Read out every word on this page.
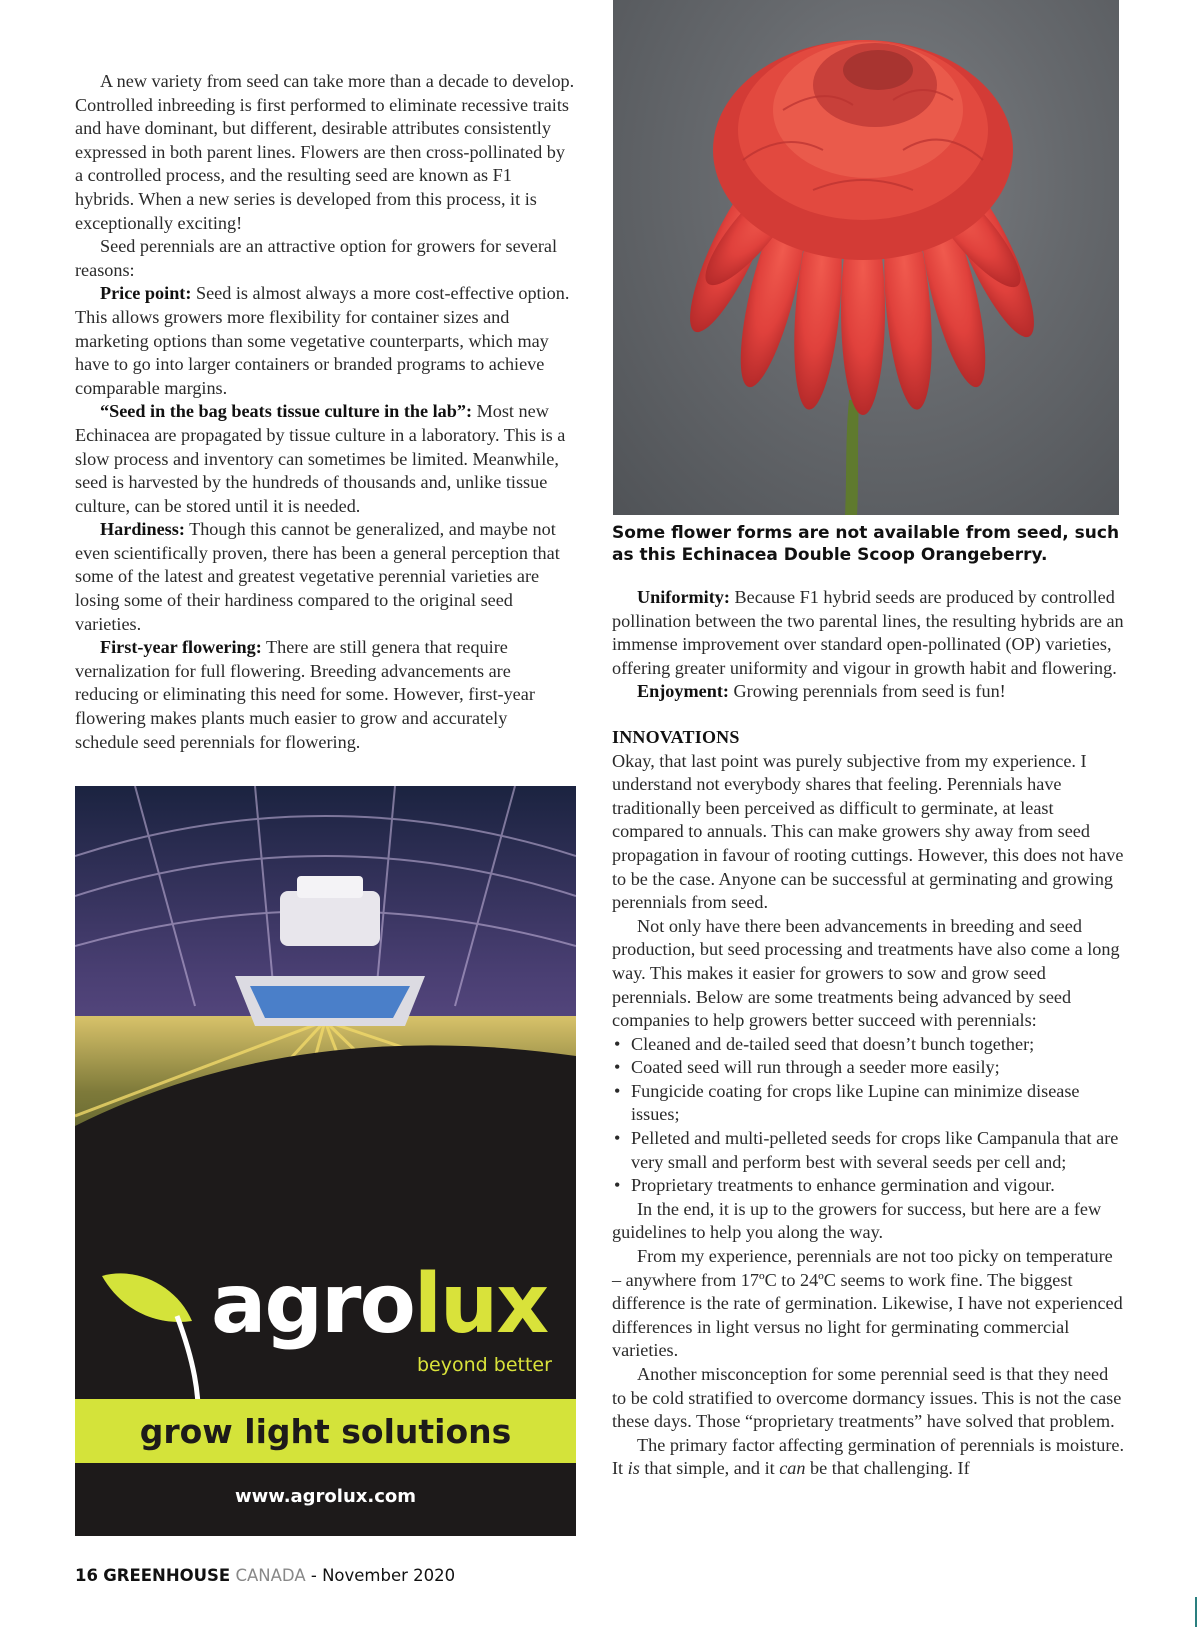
A new variety from seed can take more than a decade to develop. Controlled inbreeding is first performed to eliminate recessive traits and have dominant, but different, desirable attributes consistently expressed in both parent lines. Flowers are then cross-pollinated by a controlled process, and the resulting seed are known as F1 hybrids. When a new series is developed from this process, it is exceptionally exciting!

Seed perennials are an attractive option for growers for several reasons:

Price point: Seed is almost always a more cost-effective option. This allows growers more flexibility for container sizes and marketing options than some vegetative counterparts, which may have to go into larger containers or branded programs to achieve comparable margins.

“Seed in the bag beats tissue culture in the lab”: Most new Echinacea are propagated by tissue culture in a laboratory. This is a slow process and inventory can sometimes be limited. Meanwhile, seed is harvested by the hundreds of thousands and, unlike tissue culture, can be stored until it is needed.

Hardiness: Though this cannot be generalized, and maybe not even scientifically proven, there has been a general perception that some of the latest and greatest vegetative perennial varieties are losing some of their hardiness compared to the original seed varieties.

First-year flowering: There are still genera that require vernalization for full flowering. Breeding advancements are reducing or eliminating this need for some. However, first-year flowering makes plants much easier to grow and accurately schedule seed perennials for flowering.

Some flower forms are not available from seed, such as this Echinacea Double Scoop Orangeberry.

Uniformity: Because F1 hybrid seeds are produced by controlled pollination between the two parental lines, the resulting hybrids are an immense improvement over standard open-pollinated (OP) varieties, offering greater uniformity and vigour in growth habit and flowering.

Enjoyment: Growing perennials from seed is fun!

INNOVATIONS

Okay, that last point was purely subjective from my experience. I understand not everybody shares that feeling. Perennials have traditionally been perceived as difficult to germinate, at least compared to annuals. This can make growers shy away from seed propagation in favour of rooting cuttings. However, this does not have to be the case. Anyone can be successful at germinating and growing perennials from seed.

Not only have there been advancements in breeding and seed production, but seed processing and treatments have also come a long way. This makes it easier for growers to sow and grow seed perennials. Below are some treatments being advanced by seed companies to help growers better succeed with perennials:

• Cleaned and de-tailed seed that doesn’t bunch together;
• Coated seed will run through a seeder more easily;
• Fungicide coating for crops like Lupine can minimize disease issues;
• Pelleted and multi-pelleted seeds for crops like Campanula that are very small and perform best with several seeds per cell and;
• Proprietary treatments to enhance germination and vigour.

In the end, it is up to the growers for success, but here are a few guidelines to help you along the way.

From my experience, perennials are not too picky on temperature – anywhere from 17ºC to 24ºC seems to work fine. The biggest difference is the rate of germination. Likewise, I have not experienced differences in light versus no light for germinating commercial varieties.

Another misconception for some perennial seed is that they need to be cold stratified to overcome dormancy issues. This is not the case these days. Those “proprietary treatments” have solved that problem.

The primary factor affecting germination of perennials is moisture. It is that simple, and it can be that challenging. If

agrolux
beyond better
grow light solutions
www.agrolux.com
16 GREENHOUSE CANADA - November 2020
